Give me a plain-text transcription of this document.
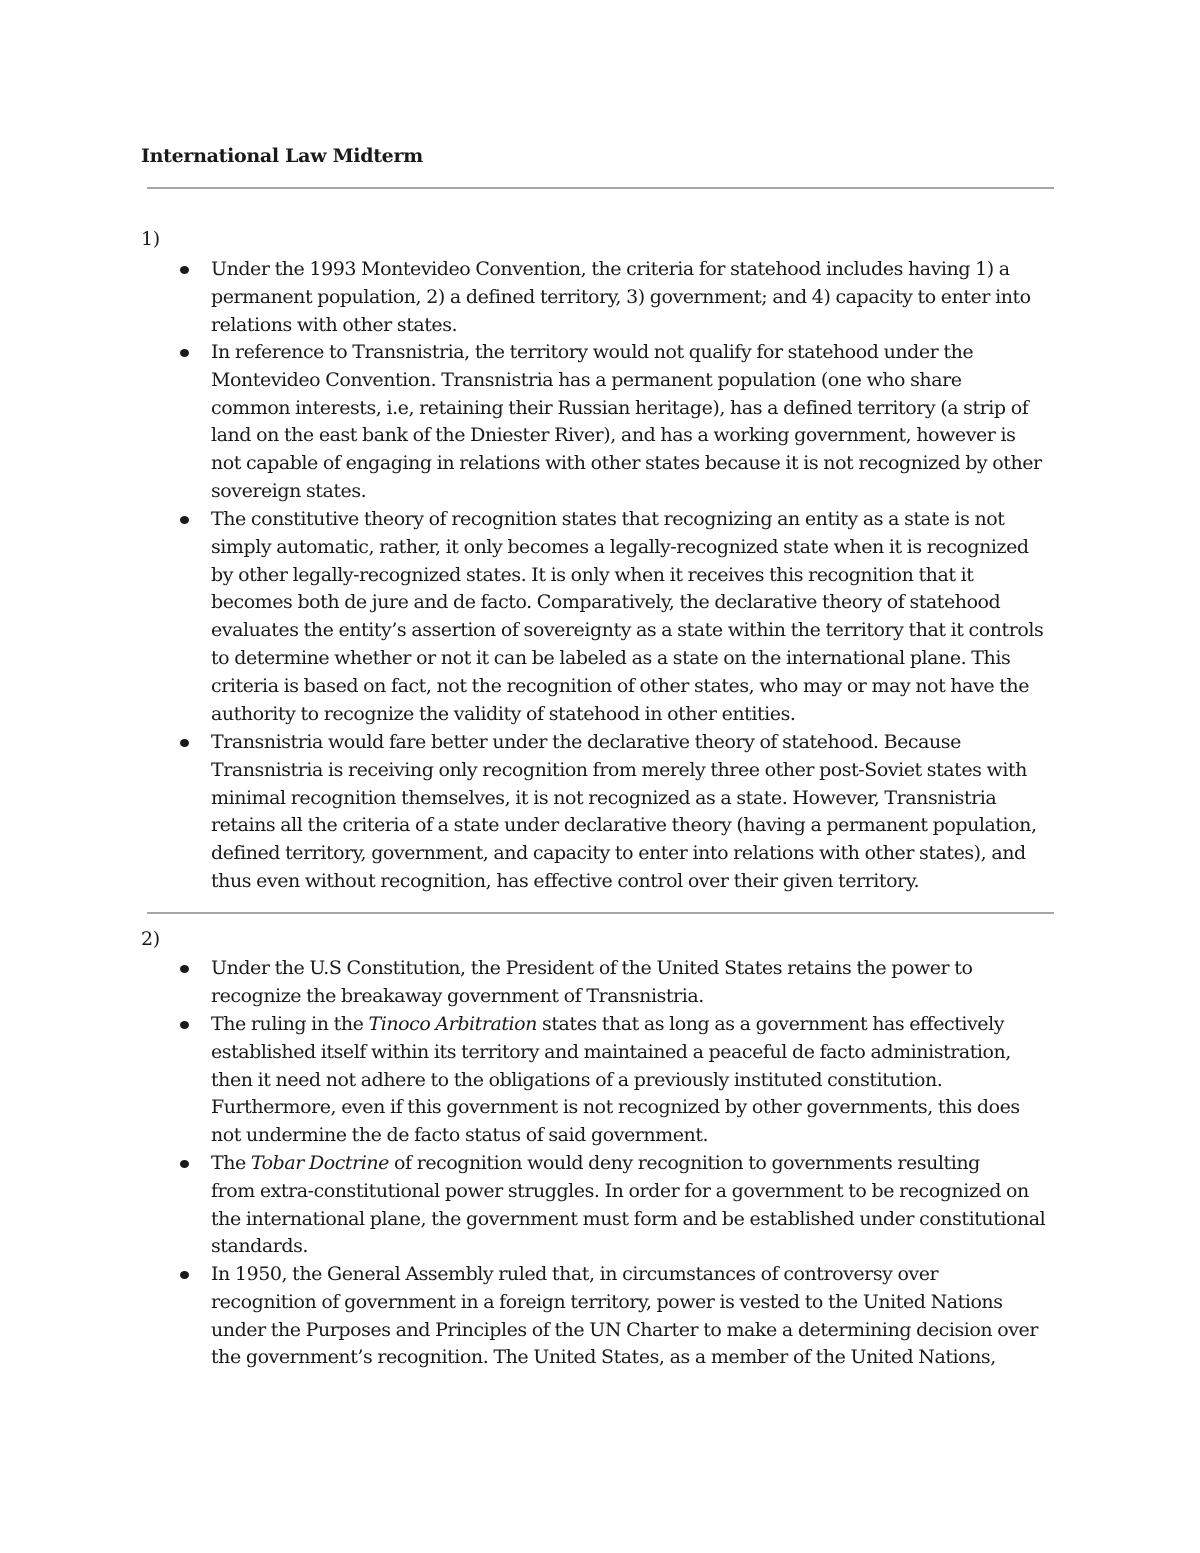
International Law Midterm
1)
Under the 1993 Montevideo Convention, the criteria for statehood includes having 1) a
permanent population, 2) a defined territory, 3) government; and 4) capacity to enter into
relations with other states.
In reference to Transnistria, the territory would not qualify for statehood under the
Montevideo Convention. Transnistria has a permanent population (one who share
common interests, i.e, retaining their Russian heritage), has a defined territory (a strip of
land on the east bank of the Dniester River), and has a working government, however is
not capable of engaging in relations with other states because it is not recognized by other
sovereign states.
The constitutive theory of recognition states that recognizing an entity as a state is not
simply automatic, rather, it only becomes a legally-recognized state when it is recognized
by other legally-recognized states. It is only when it receives this recognition that it
becomes both de jure and de facto. Comparatively, the declarative theory of statehood
evaluates the entity’s assertion of sovereignty as a state within the territory that it controls
to determine whether or not it can be labeled as a state on the international plane. This
criteria is based on fact, not the recognition of other states, who may or may not have the
authority to recognize the validity of statehood in other entities.
Transnistria would fare better under the declarative theory of statehood. Because
Transnistria is receiving only recognition from merely three other post-Soviet states with
minimal recognition themselves, it is not recognized as a state. However, Transnistria
retains all the criteria of a state under declarative theory (having a permanent population,
defined territory, government, and capacity to enter into relations with other states), and
thus even without recognition, has effective control over their given territory.
2)
Under the U.S Constitution, the President of the United States retains the power to
recognize the breakaway government of Transnistria.
The ruling in the Tinoco Arbitration states that as long as a government has effectively
established itself within its territory and maintained a peaceful de facto administration,
then it need not adhere to the obligations of a previously instituted constitution.
Furthermore, even if this government is not recognized by other governments, this does
not undermine the de facto status of said government.
The Tobar Doctrine of recognition would deny recognition to governments resulting
from extra-constitutional power struggles. In order for a government to be recognized on
the international plane, the government must form and be established under constitutional
standards.
In 1950, the General Assembly ruled that, in circumstances of controversy over
recognition of government in a foreign territory, power is vested to the United Nations
under the Purposes and Principles of the UN Charter to make a determining decision over
the government’s recognition. The United States, as a member of the United Nations,
